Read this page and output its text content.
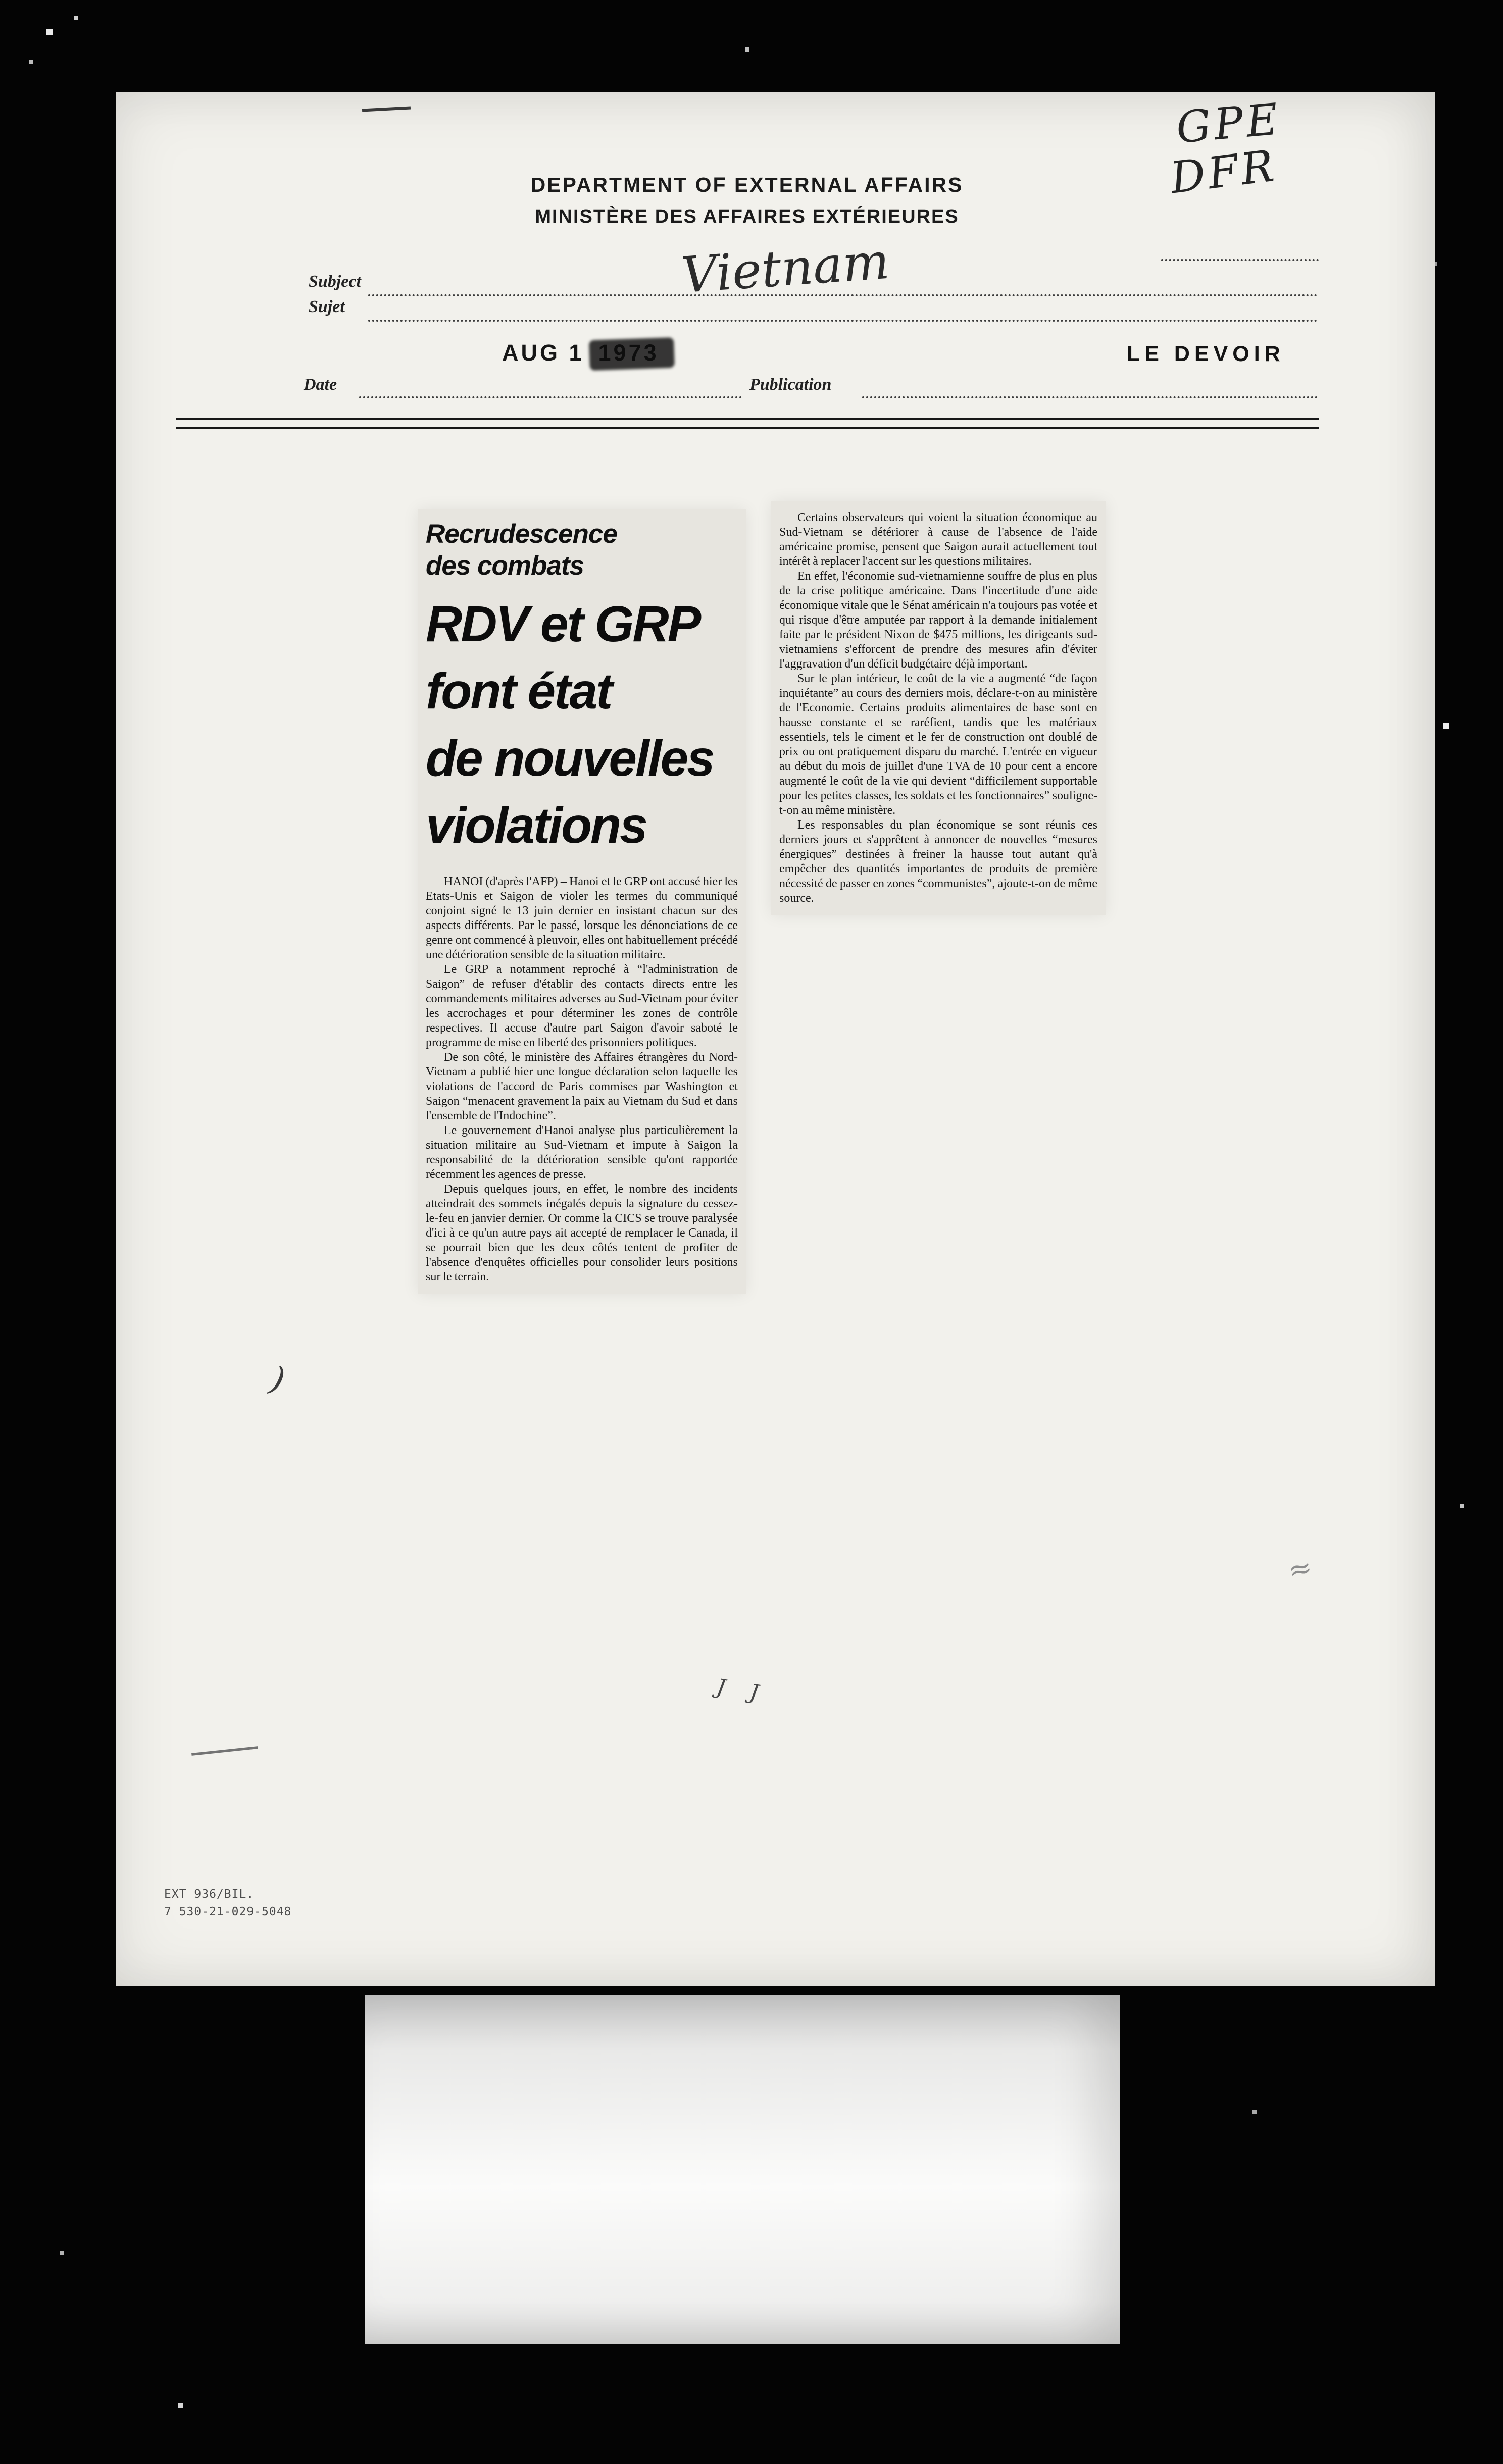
GPE
DFR
DEPARTMENT OF EXTERNAL AFFAIRS
MINISTÈRE DES AFFAIRES EXTÉRIEURES
Subject
Sujet
Vietnam
AUG 1	LE DEVOIR
Date	Publication
Recrudescence
des combats
RDV et GRP
font état
de nouvelles
violations

HANOI (d'après l'AFP) – Hanoi et le GRP ont accusé hier les Etats-Unis et Saigon de violer les termes du communiqué conjoint signé le 13 juin dernier en insistant chacun sur des aspects différents. Par le passé, lorsque les dénonciations de ce genre ont commencé à pleuvoir, elles ont habituellement précédé une détérioration sensible de la situation militaire.

Le GRP a notamment reproché à “l'administration de Saigon” de refuser d'établir des contacts directs entre les commandements militaires adverses au Sud-Vietnam pour éviter les accrochages et pour déterminer les zones de contrôle respectives. Il accuse d'autre part Saigon d'avoir saboté le programme de mise en liberté des prisonniers politiques.

De son côté, le ministère des Affaires étrangères du Nord-Vietnam a publié hier une longue déclaration selon laquelle les violations de l'accord de Paris commises par Washington et Saigon “menacent gravement la paix au Vietnam du Sud et dans l'ensemble de l'Indochine”.

Le gouvernement d'Hanoi analyse plus particulièrement la situation militaire au Sud-Vietnam et impute à Saigon la responsabilité de la détérioration sensible qu'ont rapportée récemment les agences de presse.

Depuis quelques jours, en effet, le nombre des incidents atteindrait des sommets inégalés depuis la signature du cessez-le-feu en janvier dernier. Or comme la CICS se trouve paralysée d'ici à ce qu'un autre pays ait accepté de remplacer le Canada, il se pourrait bien que les deux côtés tentent de profiter de l'absence d'enquêtes officielles pour consolider leurs positions sur le terrain.

Certains observateurs qui voient la situation économique au Sud-Vietnam se détériorer à cause de l'absence de l'aide américaine promise, pensent que Saigon aurait actuellement tout intérêt à replacer l'accent sur les questions militaires.

En effet, l'économie sud-vietnamienne souffre de plus en plus de la crise politique américaine. Dans l'incertitude d'une aide économique vitale que le Sénat américain n'a toujours pas votée et qui risque d'être amputée par rapport à la demande initialement faite par le président Nixon de $475 millions, les dirigeants sud-vietnamiens s'efforcent de prendre des mesures afin d'éviter l'aggravation d'un déficit budgétaire déjà important.

Sur le plan intérieur, le coût de la vie a augmenté “de façon inquiétante” au cours des derniers mois, déclare-t-on au ministère de l'Economie. Certains produits alimentaires de base sont en hausse constante et se raréfient, tandis que les matériaux essentiels, tels le ciment et le fer de construction ont doublé de prix ou ont pratiquement disparu du marché. L'entrée en vigueur au début du mois de juillet d'une TVA de 10 pour cent a encore augmenté le coût de la vie qui devient “difficilement supportable pour les petites classes, les soldats et les fonctionnaires” souligne-t-on au même ministère.

Les responsables du plan économique se sont réunis ces derniers jours et s'apprêtent à annoncer de nouvelles “mesures énergiques” destinées à freiner la hausse tout autant qu'à empêcher des quantités importantes de produits de première nécessité de passer en zones “communistes”, ajoute-t-on de même source.

)
J J
≈
EXT 936/BIL.
7 530-21-029-5048
